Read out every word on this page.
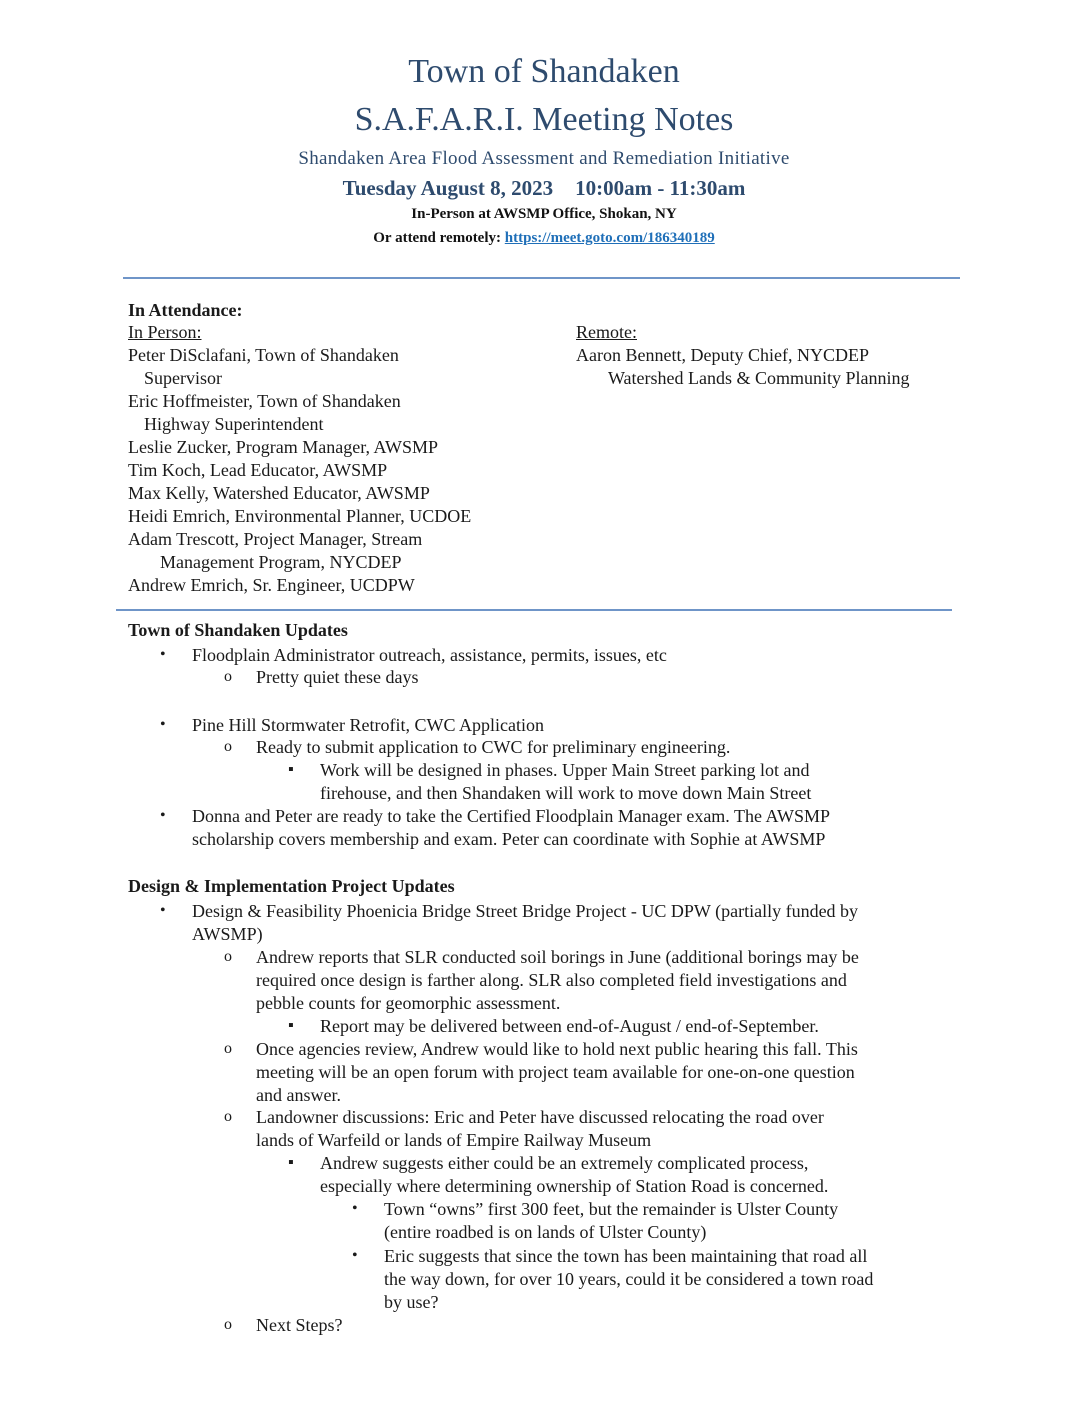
Town of Shandaken
S.A.F.A.R.I. Meeting Notes
Shandaken Area Flood Assessment and Remediation Initiative
Tuesday August 8, 2023 10:00am - 11:30am
In-Person at AWSMP Office, Shokan, NY
Or attend remotely: https://meet.goto.com/186340189
In Attendance:
In Person:
Peter DiSclafani, Town of Shandaken
Supervisor
Eric Hoffmeister, Town of Shandaken
Highway Superintendent
Leslie Zucker, Program Manager, AWSMP
Tim Koch, Lead Educator, AWSMP
Max Kelly, Watershed Educator, AWSMP
Heidi Emrich, Environmental Planner, UCDOE
Adam Trescott, Project Manager, Stream
Management Program, NYCDEP
Andrew Emrich, Sr. Engineer, UCDPW
Remote:
Aaron Bennett, Deputy Chief, NYCDEP
Watershed Lands & Community Planning
Town of Shandaken Updates
• Floodplain Administrator outreach, assistance, permits, issues, etc
o Pretty quiet these days
• Pine Hill Stormwater Retrofit, CWC Application
o Ready to submit application to CWC for preliminary engineering.
▪ Work will be designed in phases. Upper Main Street parking lot and
firehouse, and then Shandaken will work to move down Main Street
• Donna and Peter are ready to take the Certified Floodplain Manager exam. The AWSMP
scholarship covers membership and exam. Peter can coordinate with Sophie at AWSMP
Design & Implementation Project Updates
• Design & Feasibility Phoenicia Bridge Street Bridge Project - UC DPW (partially funded by
AWSMP)
o Andrew reports that SLR conducted soil borings in June (additional borings may be
required once design is farther along. SLR also completed field investigations and
pebble counts for geomorphic assessment.
▪ Report may be delivered between end-of-August / end-of-September.
o Once agencies review, Andrew would like to hold next public hearing this fall. This
meeting will be an open forum with project team available for one-on-one question
and answer.
o Landowner discussions: Eric and Peter have discussed relocating the road over
lands of Warfeild or lands of Empire Railway Museum
▪ Andrew suggests either could be an extremely complicated process,
especially where determining ownership of Station Road is concerned.
• Town “owns” first 300 feet, but the remainder is Ulster County
(entire roadbed is on lands of Ulster County)
• Eric suggests that since the town has been maintaining that road all
the way down, for over 10 years, could it be considered a town road
by use?
o Next Steps?
